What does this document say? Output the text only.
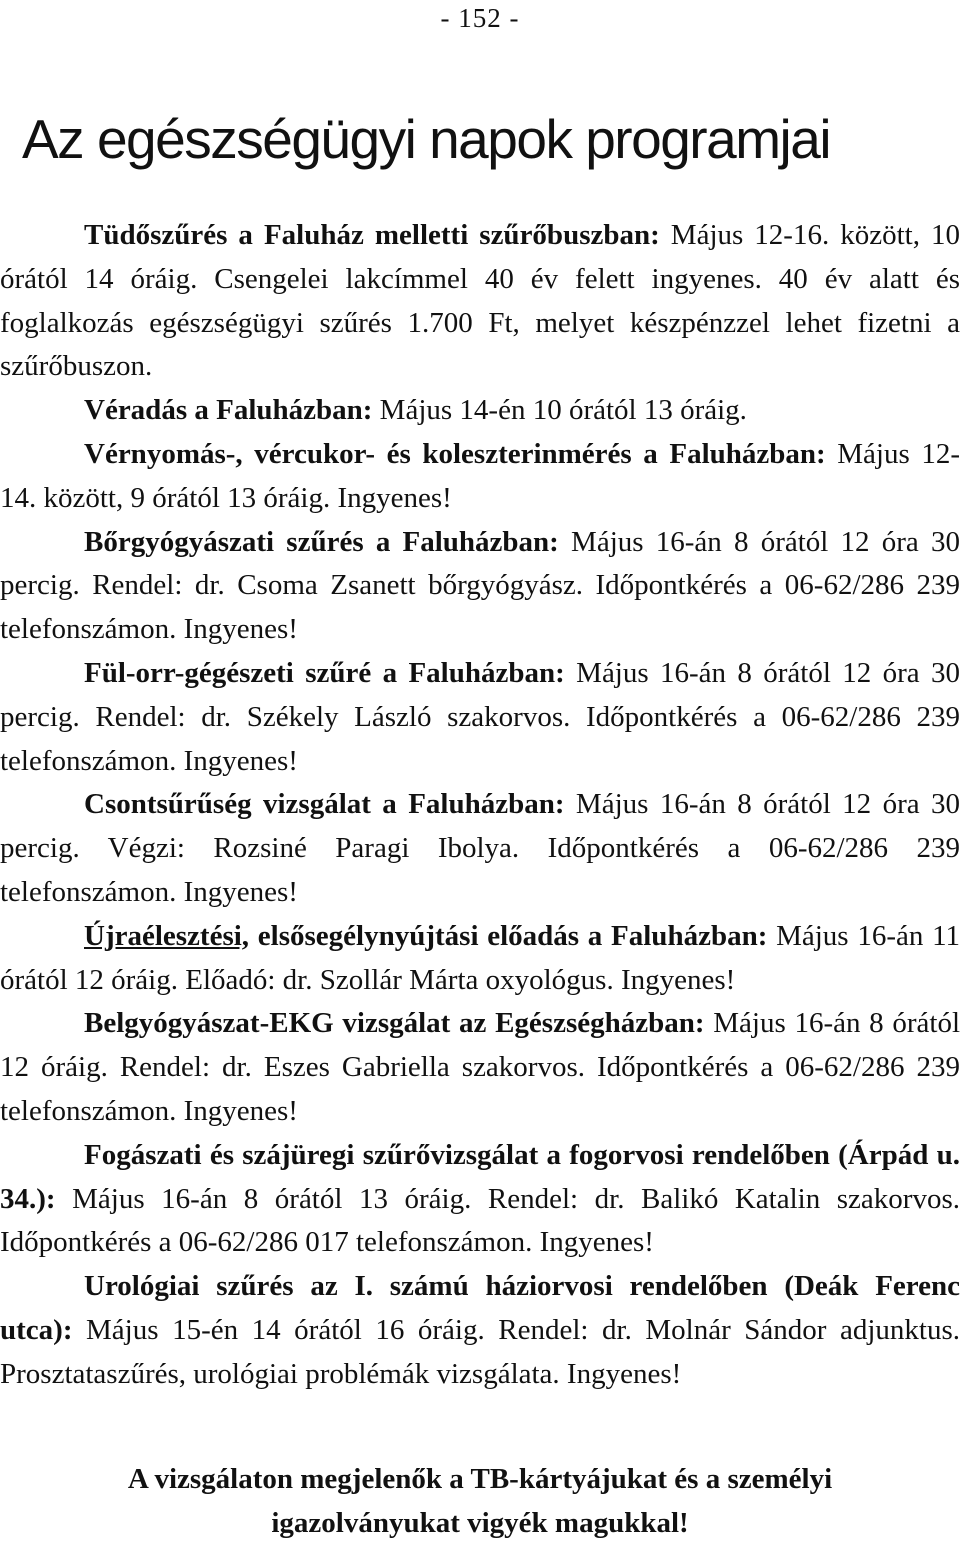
- 152 -
Az egészségügyi napok programjai

Tüdőszűrés a Faluház melletti szűrőbuszban: Május 12-16. között, 10 órától 14 óráig. Csengelei lakcímmel 40 év felett ingyenes. 40 év alatt és foglalkozás egészségügyi szűrés 1.700 Ft, melyet készpénzzel lehet fizetni a szűrőbuszon.

Véradás a Faluházban: Május 14-én 10 órától 13 óráig.

Vérnyomás-, vércukor- és koleszterinmérés a Faluházban: Május 12-14. között, 9 órától 13 óráig. Ingyenes!

Bőrgyógyászati szűrés a Faluházban: Május 16-án 8 órától 12 óra 30 percig. Rendel: dr. Csoma Zsanett bőrgyógyász. Időpontkérés a 06-62/286 239 telefonszámon. Ingyenes!

Fül-orr-gégészeti szűré a Faluházban: Május 16-án 8 órától 12 óra 30 percig. Rendel: dr. Székely László szakorvos. Időpontkérés a 06-62/286 239 telefonszámon. Ingyenes!

Csontsűrűség vizsgálat a Faluházban: Május 16-án 8 órától 12 óra 30 percig. Végzi: Rozsiné Paragi Ibolya. Időpontkérés a 06-62/286 239 telefonszámon. Ingyenes!

Újraélesztési, elsősegélynyújtási előadás a Faluházban: Május 16-án 11 órától 12 óráig. Előadó: dr. Szollár Márta oxyológus. Ingyenes!

Belgyógyászat-EKG vizsgálat az Egészségházban: Május 16-án 8 órától 12 óráig. Rendel: dr. Eszes Gabriella szakorvos. Időpontkérés a 06-62/286 239 telefonszámon. Ingyenes!

Fogászati és szájüregi szűrővizsgálat a fogorvosi rendelőben (Árpád u. 34.): Május 16-án 8 órától 13 óráig. Rendel: dr. Balikó Katalin szakorvos. Időpontkérés a 06-62/286 017 telefonszámon. Ingyenes!

Urológiai szűrés az I. számú háziorvosi rendelőben (Deák Ferenc utca): Május 15-én 14 órától 16 óráig. Rendel: dr. Molnár Sándor adjunktus. Prosztataszűrés, urológiai problémák vizsgálata. Ingyenes!

A vizsgálaton megjelenők a TB-kártyájukat és a személyi
igazolványukat vigyék magukkal!
